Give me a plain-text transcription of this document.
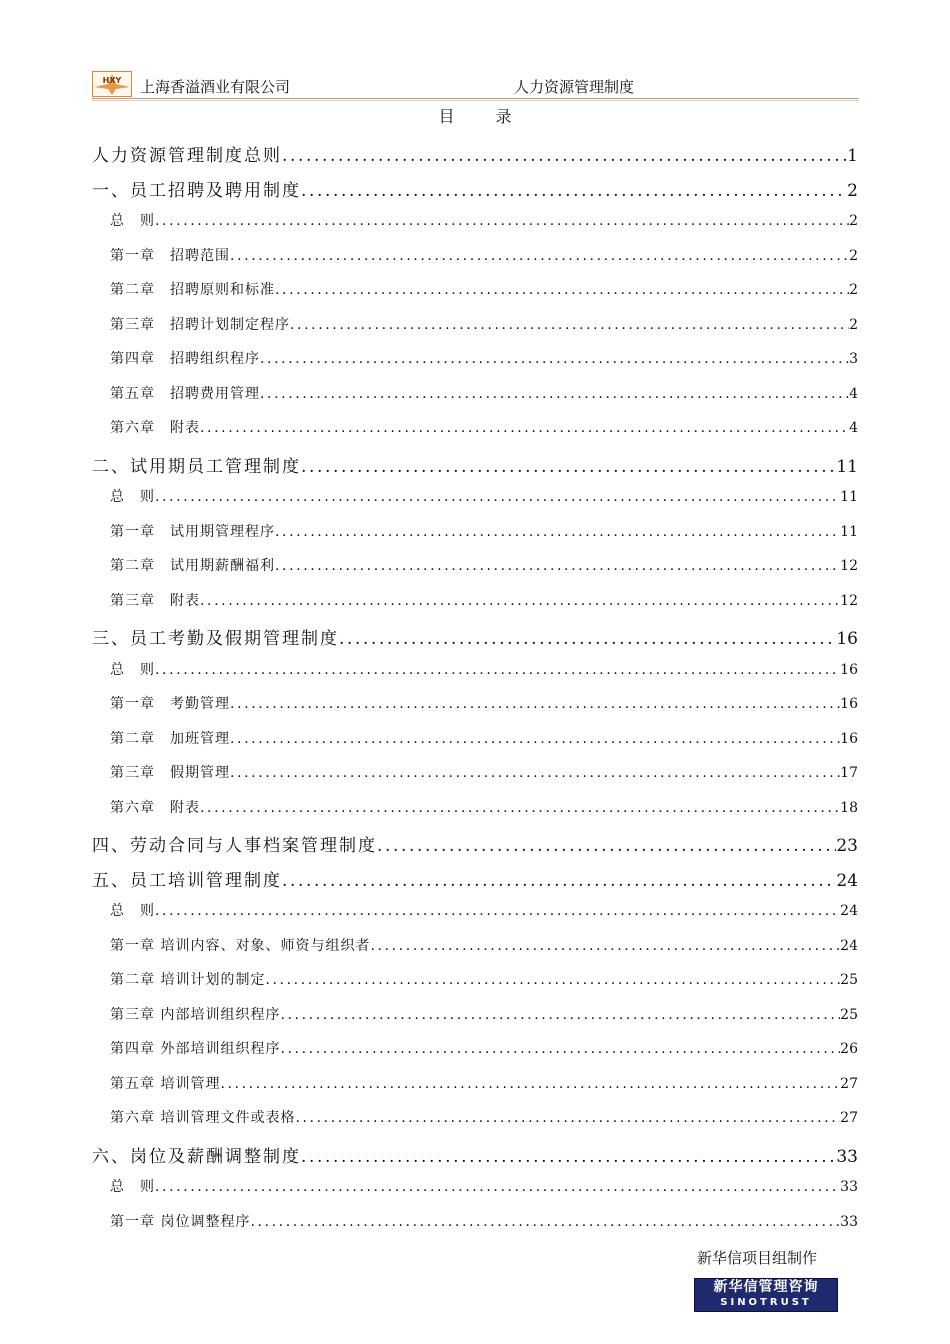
HXY 上海香溢酒业有限公司	人力资源管理制度
目 录
人力资源管理制度总则 .....	1
一、员工招聘及聘用制度 .....	2
总　则 .....	2
第一章　招聘范围 .....	2
第二章　招聘原则和标准 .....	2
第三章　招聘计划制定程序 .....	2
第四章　招聘组织程序 .....	3
第五章　招聘费用管理 .....	4
第六章　附表 .....	4
二、试用期员工管理制度 .....	11
总　则 .....	11
第一章　试用期管理程序 .....	11
第二章　试用期薪酬福利 .....	12
第三章　附表 .....	12
三、员工考勤及假期管理制度 .....	16
总　则 .....	16
第一章　考勤管理 .....	16
第二章　加班管理 .....	16
第三章　假期管理 .....	17
第六章　附表 .....	18
四、劳动合同与人事档案管理制度 .....	23
五、员工培训管理制度 .....	24
总　则 .....	24
第一章 培训内容、对象、师资与组织者 .....	24
第二章 培训计划的制定 .....	25
第三章 内部培训组织程序 .....	25
第四章 外部培训组织程序 .....	26
第五章 培训管理 .....	27
第六章 培训管理文件或表格 .....	27
六、岗位及薪酬调整制度 .....	33
总　则 .....	33
第一章 岗位调整程序 .....	33
新华信项目组制作
新华信管理咨询
SINOTRUST
